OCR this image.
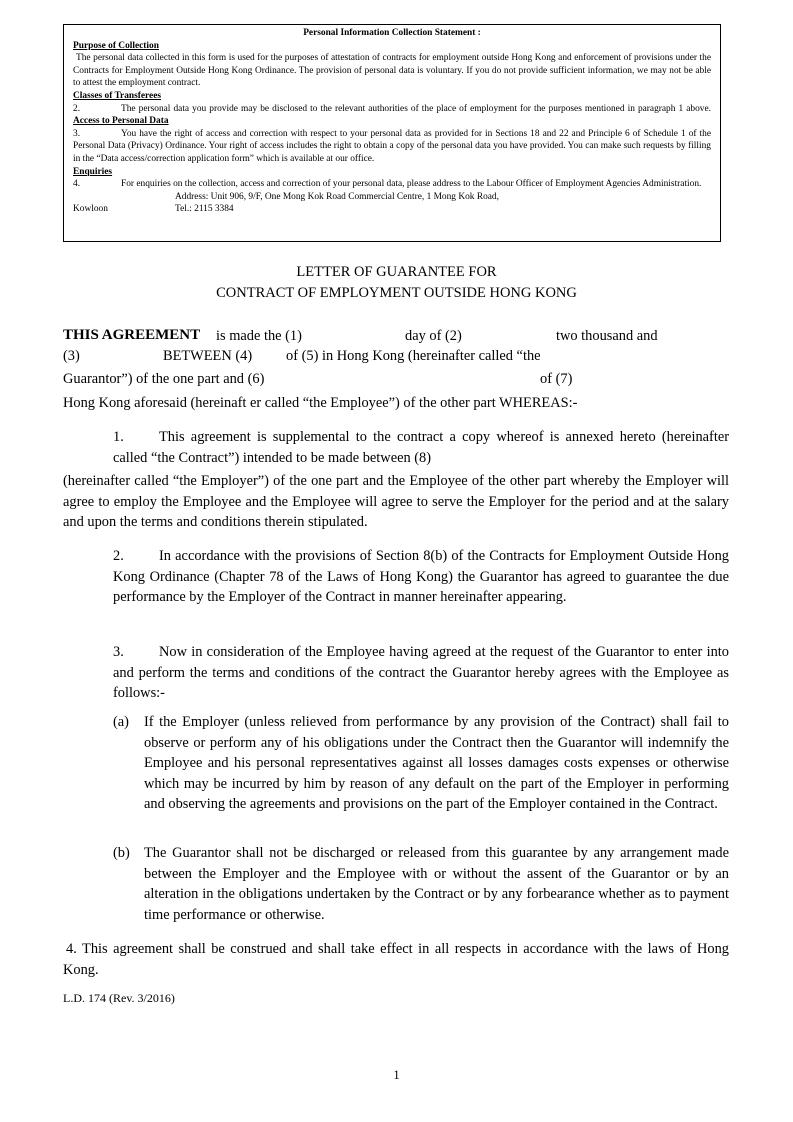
Personal Information Collection Statement :
Purpose of Collection
The personal data collected in this form is used for the purposes of attestation of contracts for employment outside Hong Kong and enforcement of provisions under the Contracts for Employment Outside Hong Kong Ordinance. The provision of personal data is voluntary. If you do not provide sufficient information, we may not be able to attest the employment contract.
Classes of Transferees
2.	The personal data you provide may be disclosed to the relevant authorities of the place of employment for the purposes mentioned in paragraph 1 above. Access to Personal Data
3.	You have the right of access and correction with respect to your personal data as provided for in Sections 18 and 22 and Principle 6 of Schedule 1 of the Personal Data (Privacy) Ordinance. Your right of access includes the right to obtain a copy of the personal data you have provided. You can make such requests by filling in the “Data access/correction application form” which is available at our office.
Enquiries
4.	For enquiries on the collection, access and correction of your personal data, please address to the Labour Officer of Employment Agencies Administration.
Address: Unit 906, 9/F, One Mong Kok Road Commercial Centre, 1 Mong Kok Road,
Kowloon	Tel.: 2115 3384
LETTER OF GUARANTEE FOR
CONTRACT OF EMPLOYMENT OUTSIDE HONG KONG
THIS AGREEMENT is made the (1)	day of (2)	two thousand and
(3)	BETWEEN (4) of (5) in Hong Kong (hereinafter called “the
Guarantor”) of the one part and (6)	of (7)
Hong Kong aforesaid (hereinaft er called “the Employee”) of the other part WHEREAS:-
1.	This agreement is supplemental to the contract a copy whereof is annexed hereto (hereinafter called “the Contract”) intended to be made between (8)
(hereinafter called “the Employer”) of the one part and the Employee of the other part whereby the Employer will agree to employ the Employee and the Employee will agree to serve the Employer for the period and at the salary and upon the terms and conditions therein stipulated.
2.	In accordance with the provisions of Section 8(b) of the Contracts for Employment Outside Hong Kong Ordinance (Chapter 78 of the Laws of Hong Kong) the Guarantor has agreed to guarantee the due performance by the Employer of the Contract in manner hereinafter appearing.
3.	Now in consideration of the Employee having agreed at the request of the Guarantor to enter into and perform the terms and conditions of the contract the Guarantor hereby agrees with the Employee as follows:-
(a) If the Employer (unless relieved from performance by any provision of the Contract) shall fail to observe or perform any of his obligations under the Contract then the Guarantor will indemnify the Employee and his personal representatives against all losses damages costs expenses or otherwise which may be incurred by him by reason of any default on the part of the Employer in performing and observing the agreements and provisions on the part of the Employer contained in the Contract.
(b) The Guarantor shall not be discharged or released from this guarantee by any arrangement made between the Employer and the Employee with or without the assent of the Guarantor or by an alteration in the obligations undertaken by the Contract or by any forbearance whether as to payment time performance or otherwise.
4. This agreement shall be construed and shall take effect in all respects in accordance with the laws of Hong Kong.
L.D. 174 (Rev. 3/2016)
1
